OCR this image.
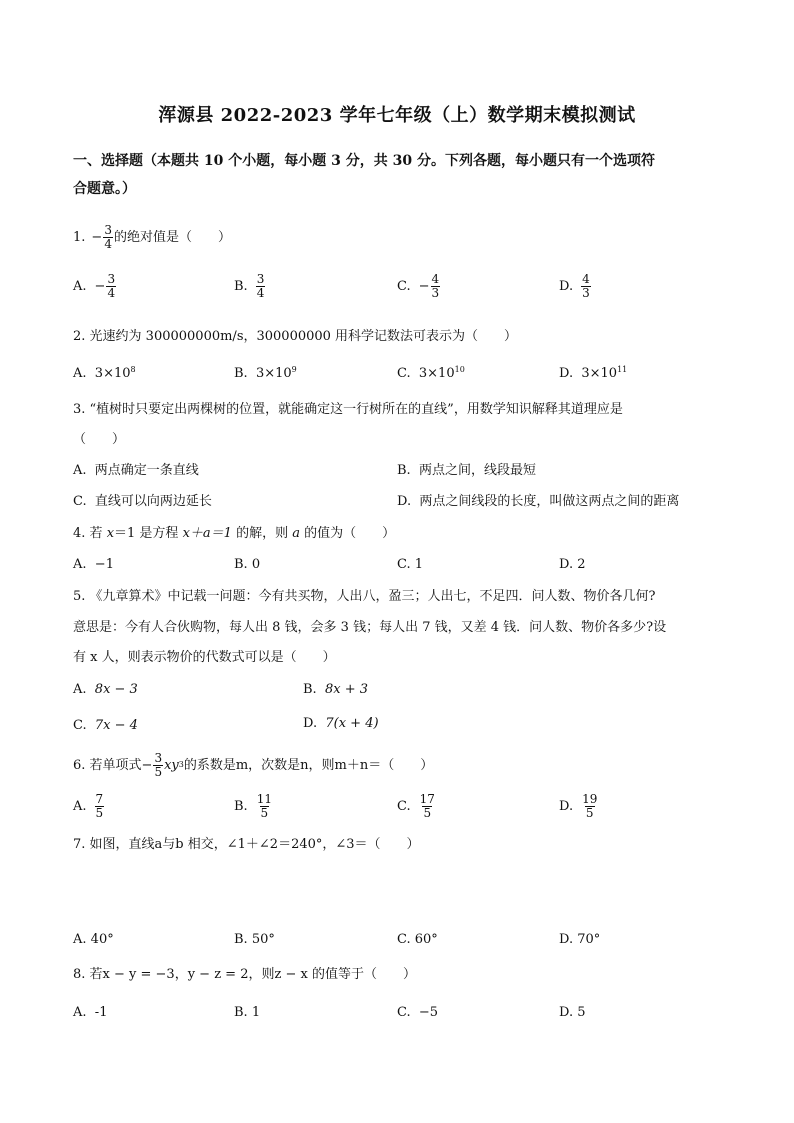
浑源县 2022-2023 学年七年级（上）数学期末模拟测试
一、选择题（本题共 10 个小题，每小题 3 分，共 30 分。下列各题，每小题只有一个选项符
合题意。）
1. − $\frac{3}{4}$ 的绝对值是（　　）
A. − $\frac{3}{4}$	B. $\frac{3}{4}$	C. − $\frac{4}{3}$	D. $\frac{4}{3}$
2. 光速约为 300000000m/s，300000000 用科学记数法可表示为（　　）
A. $3\times 10^8$	B. $3\times 10^9$	C. $3\times 10^{10}$	D. $3\times 10^{11}$
3. “植树时只要定出两棵树的位置，就能确定这一行树所在的直线”，用数学知识解释其道理应是
（　　）
A. 两点确定一条直线	B. 两点之间，线段最短
C. 直线可以向两边延长	D. 两点之间线段的长度，叫做这两点之间的距离
4. 若 x＝1 是方程 x＋a＝1 的解，则 a 的值为（　　）
A. −1	B. 0	C. 1	D. 2
5. 《九章算术》中记载一问题：今有共买物，人出八，盈三；人出七，不足四．问人数、物价各几何?
意思是：今有人合伙购物，每人出 8 钱，会多 3 钱；每人出 7 钱，又差 4 钱．问人数、物价各多少?设
有 x 人，则表示物价的代数式可以是（　　）
A. 8x − 3	B. 8x + 3
C. 7x − 4	D. 7(x + 4)
6. 若单项式− $\frac{3}{5}$ xy 3 的系数是m，次数是n，则m＋n＝（　　）
A. $\frac{7}{5}$	B. $\frac{11}{5}$	C. $\frac{17}{5}$	D. $\frac{19}{5}$
7. 如图，直线a与b 相交，∠1＋∠2＝240°，∠3＝（　　）
A. 40°	B. 50°	C. 60°	D. 70°
8. 若x − y = −3，y − z = 2，则z − x 的值等于（　　）
A. -1	B. 1	C. −5	D. 5
